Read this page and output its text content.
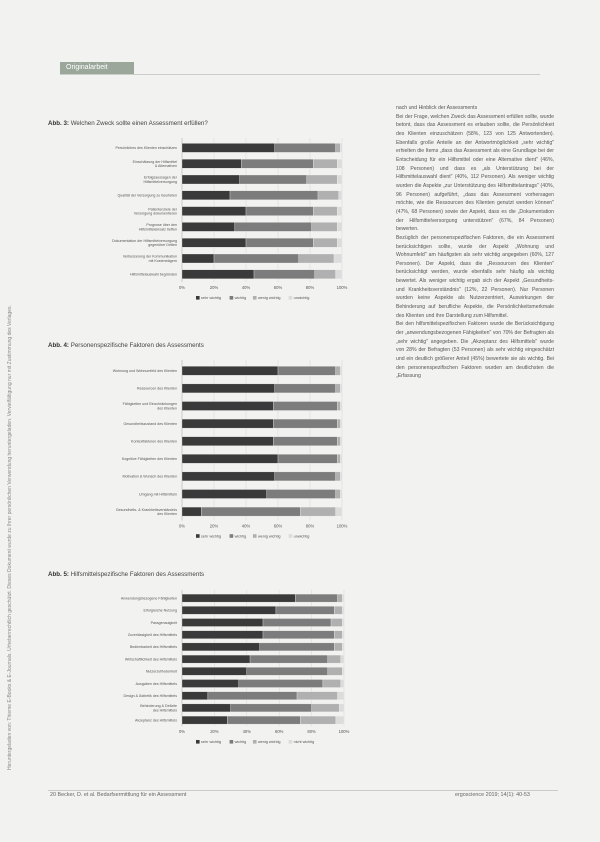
Originalarbeit
Heruntergeladen von: Thieme E-Books & E-Journals. Urheberrechtlich geschützt. Dieses Dokument wurde zu Ihrer persönlichen Verwendung heruntergeladen. Vervielfältigung nur mit Zustimmung des Verlages.
Abb. 3: Welchen Zweck sollte einen Assessment erfüllen?
0%	20%	40%	60%	80%	100%
Persönliches des Klienten einschätzen
Einschätzung der Hilfsmittel
& Alternativen
Erfolgsaussagen der
Hilfsmittelversorgung
Qualität der Versorgung zu beurteilen
Patientenziele der
Versorgung dokumentieren
Prognose über den
Hilfsmitteleinsatz treffen
Dokumentation der Hilfsmittelversorgung
gegenüber Dritten
Verbesserung der Kommunikation
mit Kostenträgern
Hilfsmittelauswahl begründen
sehr wichtig	wichtig	wenig wichtig	unwichtig
Abb. 4: Personenspezifische Faktoren des Assessments
0%	20%	40%	60%	80%	100%
Wohnung und Wohnumfeld des Klienten
Ressourcen des Klienten
Fähigkeiten und Einschränkungen
des Klienten
Gesundheitszustand des Klienten
Kontextfaktoren des Klienten
Kognitive Fähigkeiten des Klienten
Motivation & Wunsch des Klienten
Umgang mit Hilfsmitteln
Gesundheits- & Krankheitsverständnis
des Klienten
sehr wichtig	wichtig	wenig wichtig	unwichtig
Abb. 5: Hilfsmittelspezifische Faktoren des Assessments
0%	20%	40%	60%	80%	100%
Anwendungsbezogene Fähigkeiten
Erfolgreiche Nutzung
Passgenauigkeit
Zuverlässigkeit des Hilfsmittels
Bedienbarkeit des Hilfsmittels
Wirtschaftlichkeit des Hilfsmittels
Nutzerzufriedenheit
Ausgaben des Hilfsmittels
Design & Ästhetik des Hilfsmittels
Behinderung & Defizite
des Hilfsmittels
Akzeptanz des Hilfsmittels
sehr wichtig	wichtig	wenig wichtig	nicht wichtig

nach und Hinblick der Assessments

Bei der Frage, welchen Zweck das Assessment erfüllen sollte, wurde betont, dass das Assessment es erlauben sollte, die Persönlichkeit des Klienten einzuschätzen (58%, 123 von 125 Antwortenden). Ebenfalls große Anteile an der Antwortmöglichkeit „sehr wichtig" erhielten die Items „dass das Assessment als eine Grundlage bei der Entscheidung für ein Hilfsmittel oder eine Alternative dient" (46%, 108 Personen) und dass es „als Unterstützung bei der Hilfsmittelauswahl dient" (40%, 112 Personen). Als weniger wichtig wurden die Aspekte „zur Unterstützung des Hilfsmittelantrags" (40%, 96 Personen) aufgeführt, „dass das Assessment vorhersagen möchte, wie die Ressourcen des Klienten genutzt werden können" (47%, 68 Personen) sowie der Aspekt, dass es die „Dokumentation der Hilfsmittelversorgung unterstützen" (67%, 84 Personen) bewerten.

Bezüglich der personenspezifischen Faktoren, die ein Assessment berücksichtigen sollte, wurde der Aspekt „Wohnung und Wohnumfeld" am häufigsten als sehr wichtig angegeben (60%, 127 Personen). Der Aspekt, dass die „Ressourcen des Klienten" berücksichtigt werden, wurde ebenfalls sehr häufig als wichtig bewertet. Als weniger wichtig ergab sich der Aspekt „Gesundheits- und Krankheitsverständnis" (12%, 22 Personen). Nur Personen wurden keine Aspekte als Nutzerzentriert, Auswirkungen der Behinderung auf berufliche Aspekte, die Persönlichkeitsmerkmale des Klienten und ihre Darstellung zum Hilfsmittel.

Bei den hilfsmittelspezifischen Faktoren wurde die Berücksichtigung der „anwendungsbezogenen Fähigkeiten" von 70% der Befragten als „sehr wichtig" angegeben. Die „Akzeptanz des Hilfsmittels" wurde von 28% der Befragten (53 Personen) als sehr wichtig eingeschätzt und ein deutlich größerer Anteil (45%) bewertete sie als wichtig. Bei den personenspezifischen Faktoren wurden am deutlichsten die „Erfassung

20 Becker, D. et al. Bedarfsermittlung für ein Assessment	ergoscience 2019; 14(1): 40-53
